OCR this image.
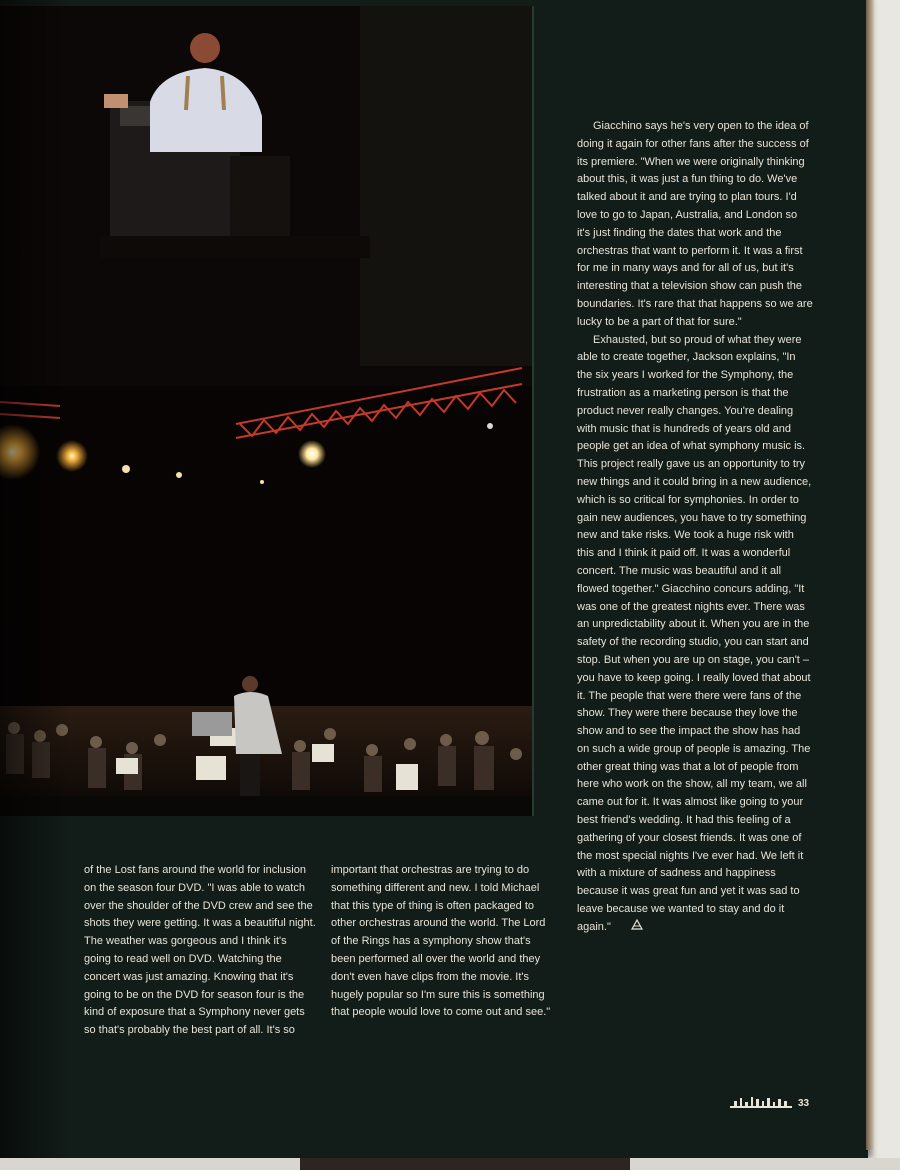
of the Lost fans around the world for inclusion on the season four DVD. "I was able to watch over the shoulder of the DVD crew and see the shots they were getting. It was a beautiful night. The weather was gorgeous and I think it's going to read well on DVD. Watching the concert was just amazing. Knowing that it's going to be on the DVD for season four is the kind of exposure that a Symphony never gets so that's probably the best part of all. It's so

important that orchestras are trying to do something different and new. I told Michael that this type of thing is often packaged to other orchestras around the world. The Lord of the Rings has a symphony show that's been performed all over the world and they don't even have clips from the movie. It's hugely popular so I'm sure this is something that people would love to come out and see."

Giacchino says he's very open to the idea of doing it again for other fans after the success of its premiere. "When we were originally thinking about this, it was just a fun thing to do. We've talked about it and are trying to plan tours. I'd love to go to Japan, Australia, and London so it's just finding the dates that work and the orchestras that want to perform it. It was a first for me in many ways and for all of us, but it's interesting that a television show can push the boundaries. It's rare that that happens so we are lucky to be a part of that for sure."

Exhausted, but so proud of what they were able to create together, Jackson explains, "In the six years I worked for the Symphony, the frustration as a marketing person is that the product never really changes. You're dealing with music that is hundreds of years old and people get an idea of what symphony music is. This project really gave us an opportunity to try new things and it could bring in a new audience, which is so critical for symphonies. In order to gain new audiences, you have to try something new and take risks. We took a huge risk with this and I think it paid off. It was a wonderful concert. The music was beautiful and it all flowed together." Giacchino concurs adding, "It was one of the greatest nights ever. There was an unpredictability about it. When you are in the safety of the recording studio, you can start and stop. But when you are up on stage, you can't – you have to keep going. I really loved that about it. The people that were there were fans of the show. They were there because they love the show and to see the impact the show has had on such a wide group of people is amazing. The other great thing was that a lot of people from here who work on the show, all my team, we all came out for it. It was almost like going to your best friend's wedding. It had this feeling of a gathering of your closest friends. It was one of the most special nights I've ever had. We left it with a mixture of sadness and happiness because it was great fun and yet it was sad to leave because we wanted to stay and do it again."

33
